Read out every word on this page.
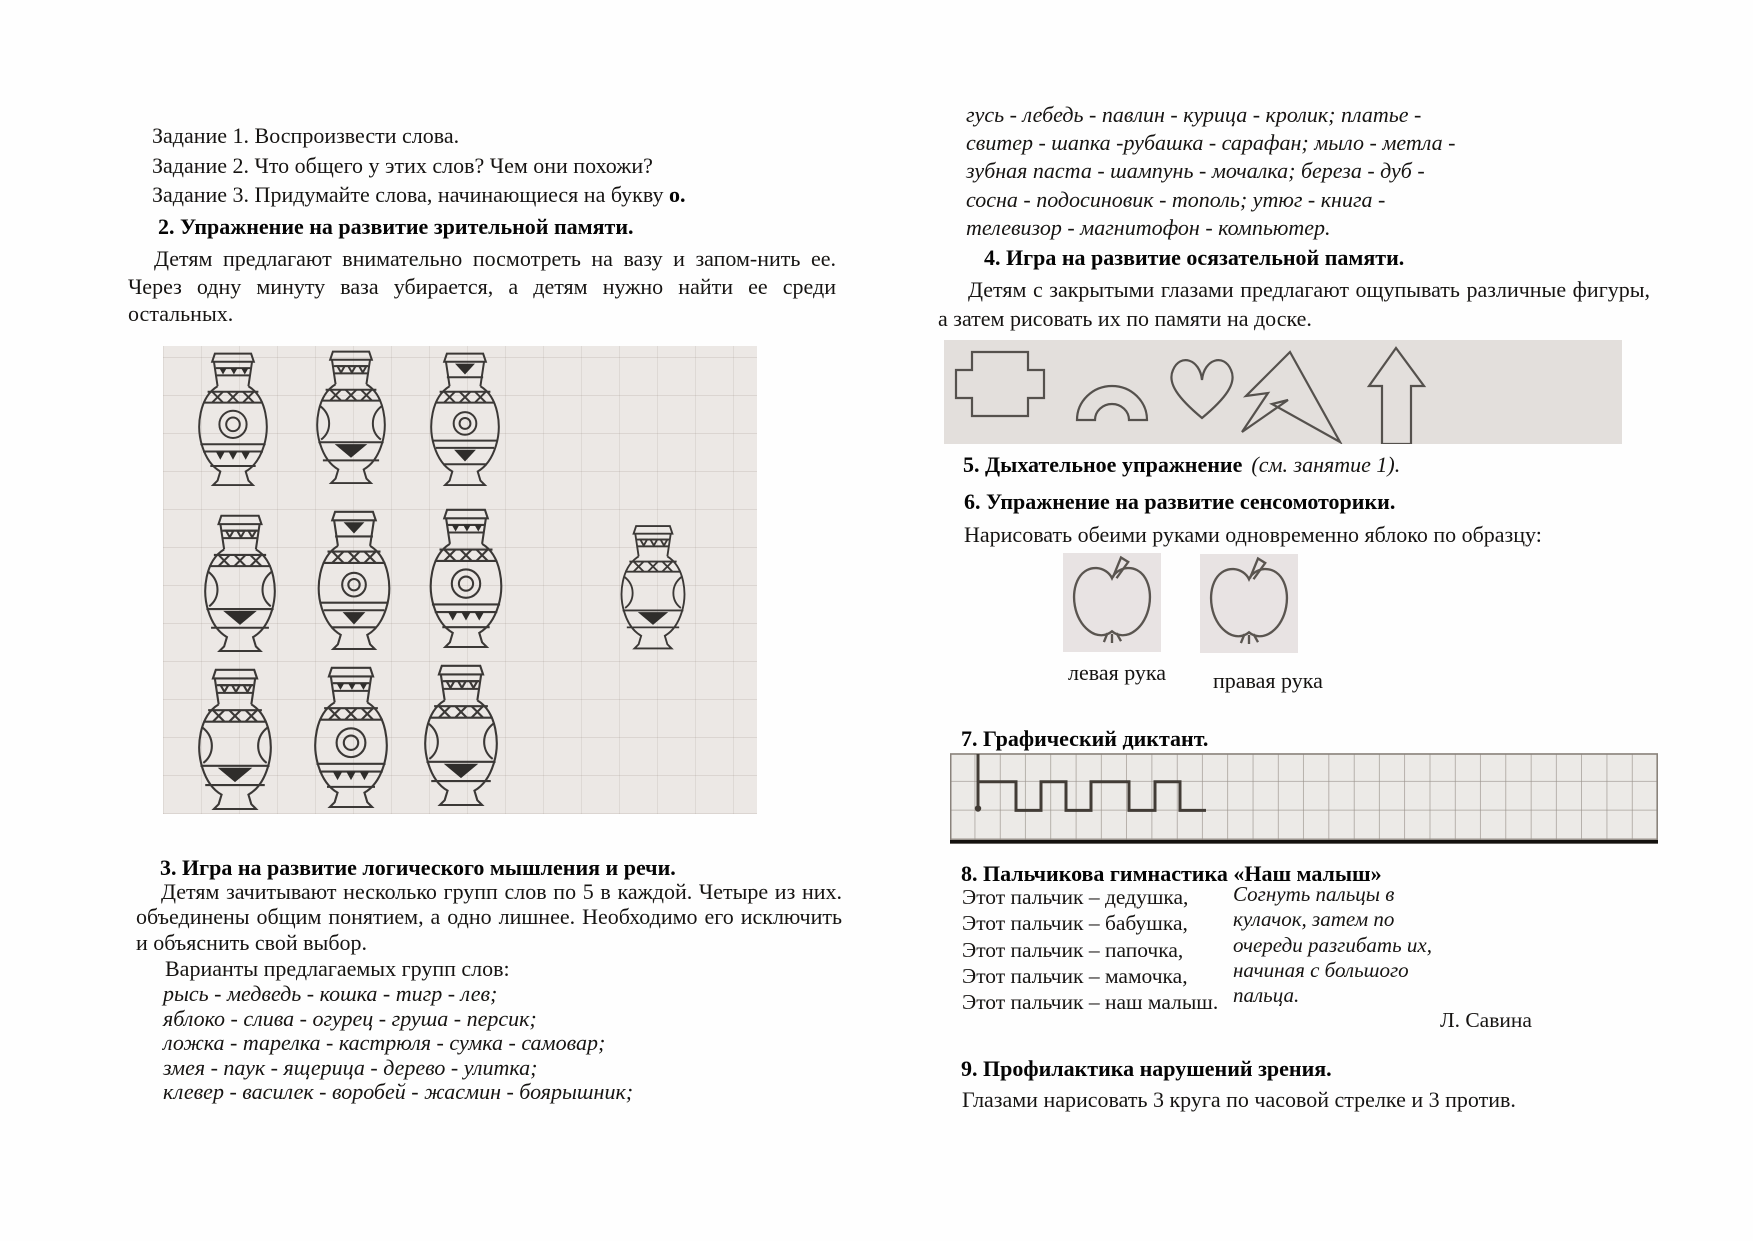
Задание 1. Воспроизвести слова.
Задание 2. Что общего у этих слов? Чем они похожи?
Задание 3. Придумайте слова, начинающиеся на букву о.
2. Упражнение на развитие зрительной памяти.

Детям предлагают внимательно посмотреть на вазу и запом-нить ее. Через одну минуту ваза убирается, а детям нужно найти ее среди остальных.

3. Игра на развитие логического мышления и речи.

Детям зачитывают несколько групп слов по 5 в каждой. Четыре из них. объединены общим понятием, а одно лишнее. Необходимо его исключить и объяснить свой выбор.

Варианты предлагаемых групп слов:
рысь - медведь - кошка - тигр - лев;
яблоко - слива - огурец - груша - персик;
ложка - тарелка - кастрюля - сумка - самовар;
змея - паук - ящерица - дерево - улитка;
клевер - василек - воробей - жасмин - боярышник;
гусь - лебедь - павлин - курица - кролик; платье -
свитер - шапка -рубашка - сарафан; мыло - метла -
зубная паста - шампунь - мочалка; береза - дуб -
сосна - подосиновик - тополь; утюг - книга -
телевизор - магнитофон - компьютер.
4. Игра на развитие осязательной памяти.

Детям с закрытыми глазами предлагают ощупывать различные фигуры, а затем рисовать их по памяти на доске.

5. Дыхательное упражнение (см. занятие 1).
6. Упражнение на развитие сенсомоторики.
Нарисовать обеими руками одновременно яблоко по образцу:
левая рука правая рука
7. Графический диктант.
8. Пальчикова гимнастика «Наш малыш»
Этот пальчик – дедушка,
Этот пальчик – бабушка,
Этот пальчик – папочка,
Этот пальчик – мамочка,
Этот пальчик – наш малыш.
Согнуть пальцы в
кулачок, затем по
очереди разгибать их,
начиная с большого
пальца.
Л. Савина
9. Профилактика нарушений зрения.
Глазами нарисовать 3 круга по часовой стрелке и 3 против.
